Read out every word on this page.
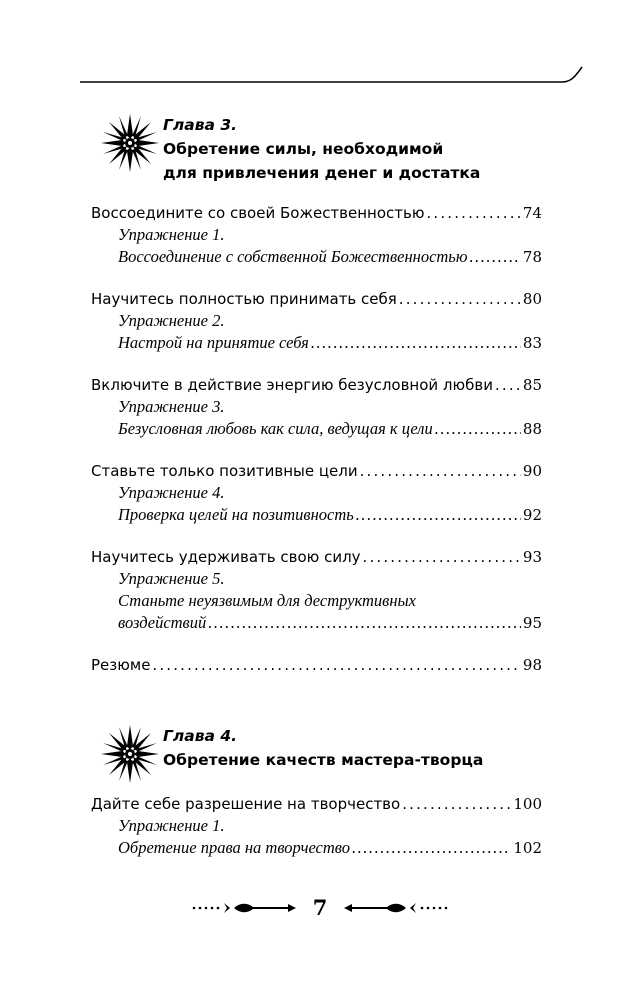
Глава 3.
Обретение силы, необходимой
для привлечения денег и достатка
Воссоедините со своей Божественностью . . .	74
Упражнение 1.
Воссоединение с собственной Божественностью . . .	78
Научитесь полностью принимать себя . . .	80
Упражнение 2.
Настрой на принятие себя . . .	83
Включите в действие энергию безусловной любви . . . 85
Упражнение 3.
Безусловная любовь как сила, ведущая к цели . . .	88
Ставьте только позитивные цели . . .	90
Упражнение 4.
Проверка целей на позитивность . . .	92
Научитесь удерживать свою силу . . .	93
Упражнение 5.
Станьте неуязвимым для деструктивных
воздействий . . .	95
Резюме . . .	98
Глава 4.
Обретение качеств мастера-творца
Дайте себе разрешение на творчество . . .	100
Упражнение 1.
Обретение права на творчество . . .	102
7
